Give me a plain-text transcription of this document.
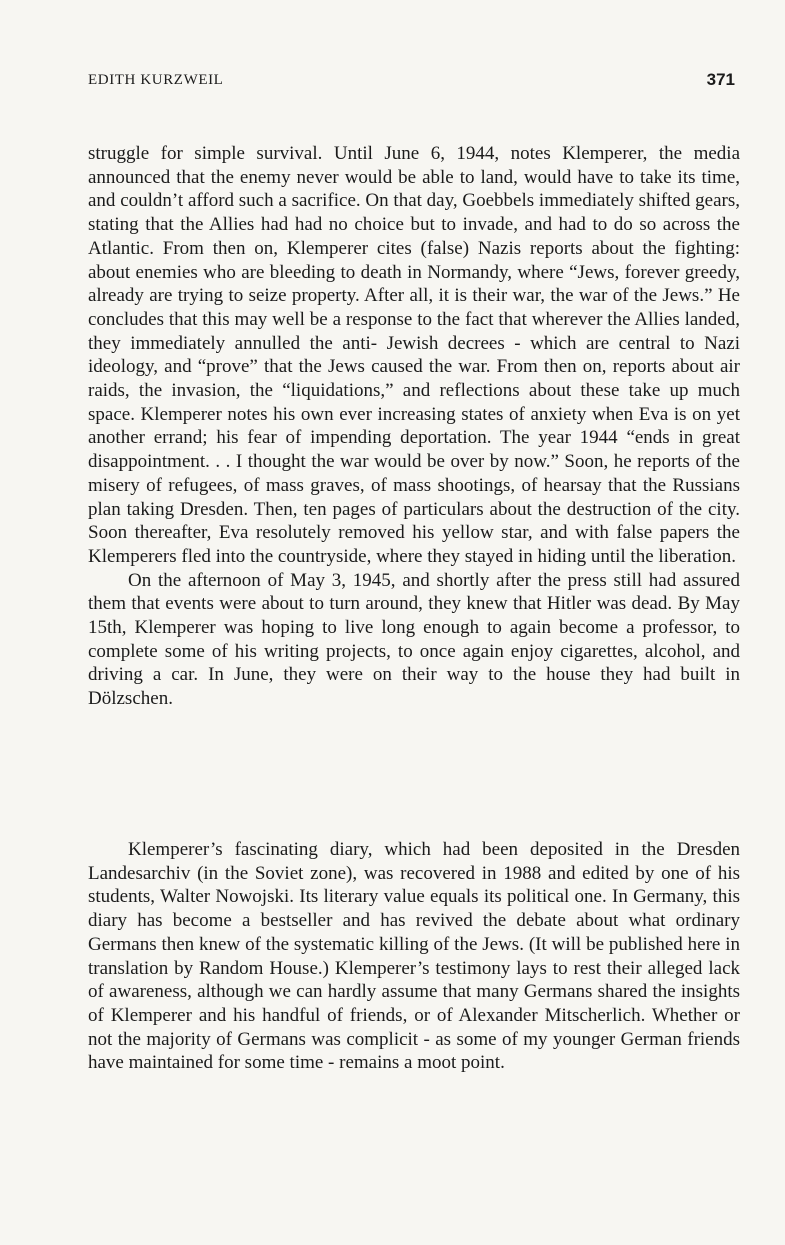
EDITH KURZWEIL	371

struggle for simple survival. Until June 6, 1944, notes Klemperer, the media announced that the enemy never would be able to land, would have to take its time, and couldn’t afford such a sacrifice. On that day, Goebbels immediately shifted gears, stating that the Allies had had no choice but to invade, and had to do so across the Atlantic. From then on, Klemperer cites (false) Nazis reports about the fighting: about enemies who are bleeding to death in Normandy, where “Jews, forever greedy, already are trying to seize property. After all, it is their war, the war of the Jews.” He concludes that this may well be a response to the fact that wherever the Allies landed, they immediately annulled the anti- Jewish decrees - which are central to Nazi ideology, and “prove” that the Jews caused the war. From then on, reports about air raids, the invasion, the “liquidations,” and reflections about these take up much space. Klemperer notes his own ever increasing states of anxiety when Eva is on yet another errand; his fear of impending deportation. The year 1944 “ends in great disappointment. . . I thought the war would be over by now.” Soon, he reports of the misery of refugees, of mass graves, of mass shootings, of hearsay that the Russians plan taking Dresden. Then, ten pages of particulars about the destruction of the city. Soon thereafter, Eva resolutely removed his yellow star, and with false papers the Klemperers fled into the countryside, where they stayed in hiding until the liberation.

On the afternoon of May 3, 1945, and shortly after the press still had assured them that events were about to turn around, they knew that Hitler was dead. By May 15th, Klemperer was hoping to live long enough to again become a professor, to complete some of his writing projects, to once again enjoy cigarettes, alcohol, and driving a car. In June, they were on their way to the house they had built in Dölzschen.

Klemperer’s fascinating diary, which had been deposited in the Dresden Landesarchiv (in the Soviet zone), was recovered in 1988 and edited by one of his students, Walter Nowojski. Its literary value equals its political one. In Germany, this diary has become a bestseller and has revived the debate about what ordinary Germans then knew of the systematic killing of the Jews. (It will be published here in translation by Random House.) Klemperer’s testimony lays to rest their alleged lack of awareness, although we can hardly assume that many Germans shared the insights of Klemperer and his handful of friends, or of Alexander Mitscherlich. Whether or not the majority of Germans was complicit - as some of my younger German friends have maintained for some time - remains a moot point.
